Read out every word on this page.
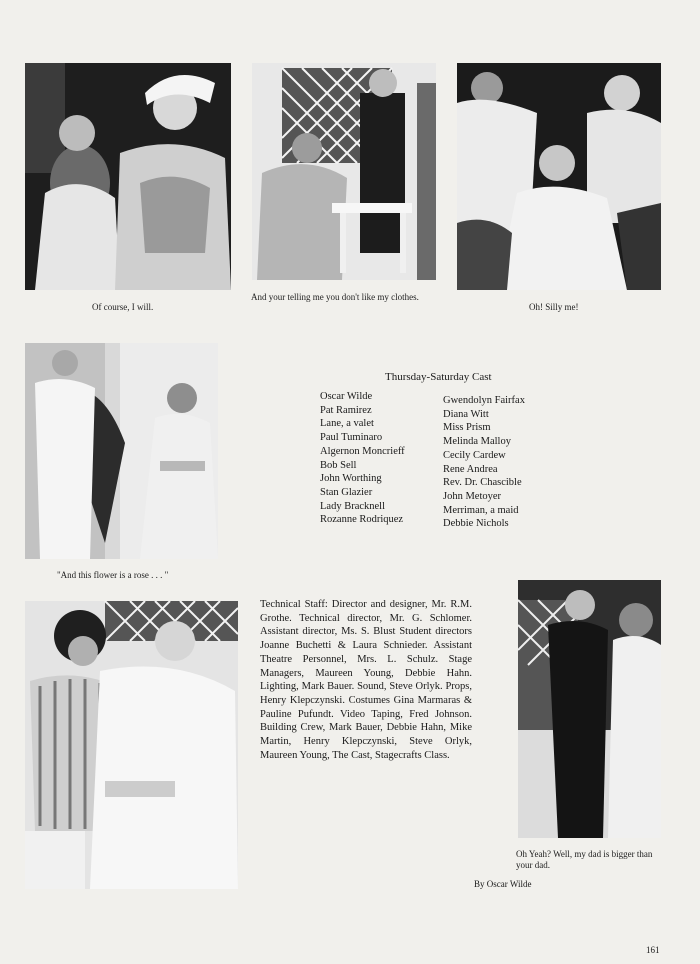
Of course, I will.
And your telling me you don't like my clothes.
Oh! Silly me!
"And this flower is a rose . . . "
Thursday-Saturday Cast
Oscar Wilde
Pat Ramirez
Lane, a valet
Paul Tuminaro
Algernon Moncrieff
Bob Sell
John Worthing
Stan Glazier
Lady Bracknell
Rozanne Rodriquez
Gwendolyn Fairfax
Diana Witt
Miss Prism
Melinda Malloy
Cecily Cardew
Rene Andrea
Rev. Dr. Chascible
John Metoyer
Merriman, a maid
Debbie Nichols
Technical Staff: Director and designer, Mr. R.M. Grothe. Technical director, Mr. G. Schlomer. Assistant director, Ms. S. Blust Student directors Joanne Buchetti & Laura Schnieder. Assistant Theatre Personnel, Mrs. L. Schulz. Stage Managers, Maureen Young, Debbie Hahn. Lighting, Mark Bauer. Sound, Steve Orlyk. Props, Henry Klepczynski. Costumes Gina Marmaras & Pauline Pufundt. Video Taping, Fred Johnson. Building Crew, Mark Bauer, Debbie Hahn, Mike Martin, Henry Klepczynski, Steve Orlyk, Maureen Young, The Cast, Stagecrafts Class.
Oh Yeah? Well, my dad is bigger than your dad.
By Oscar Wilde
161
